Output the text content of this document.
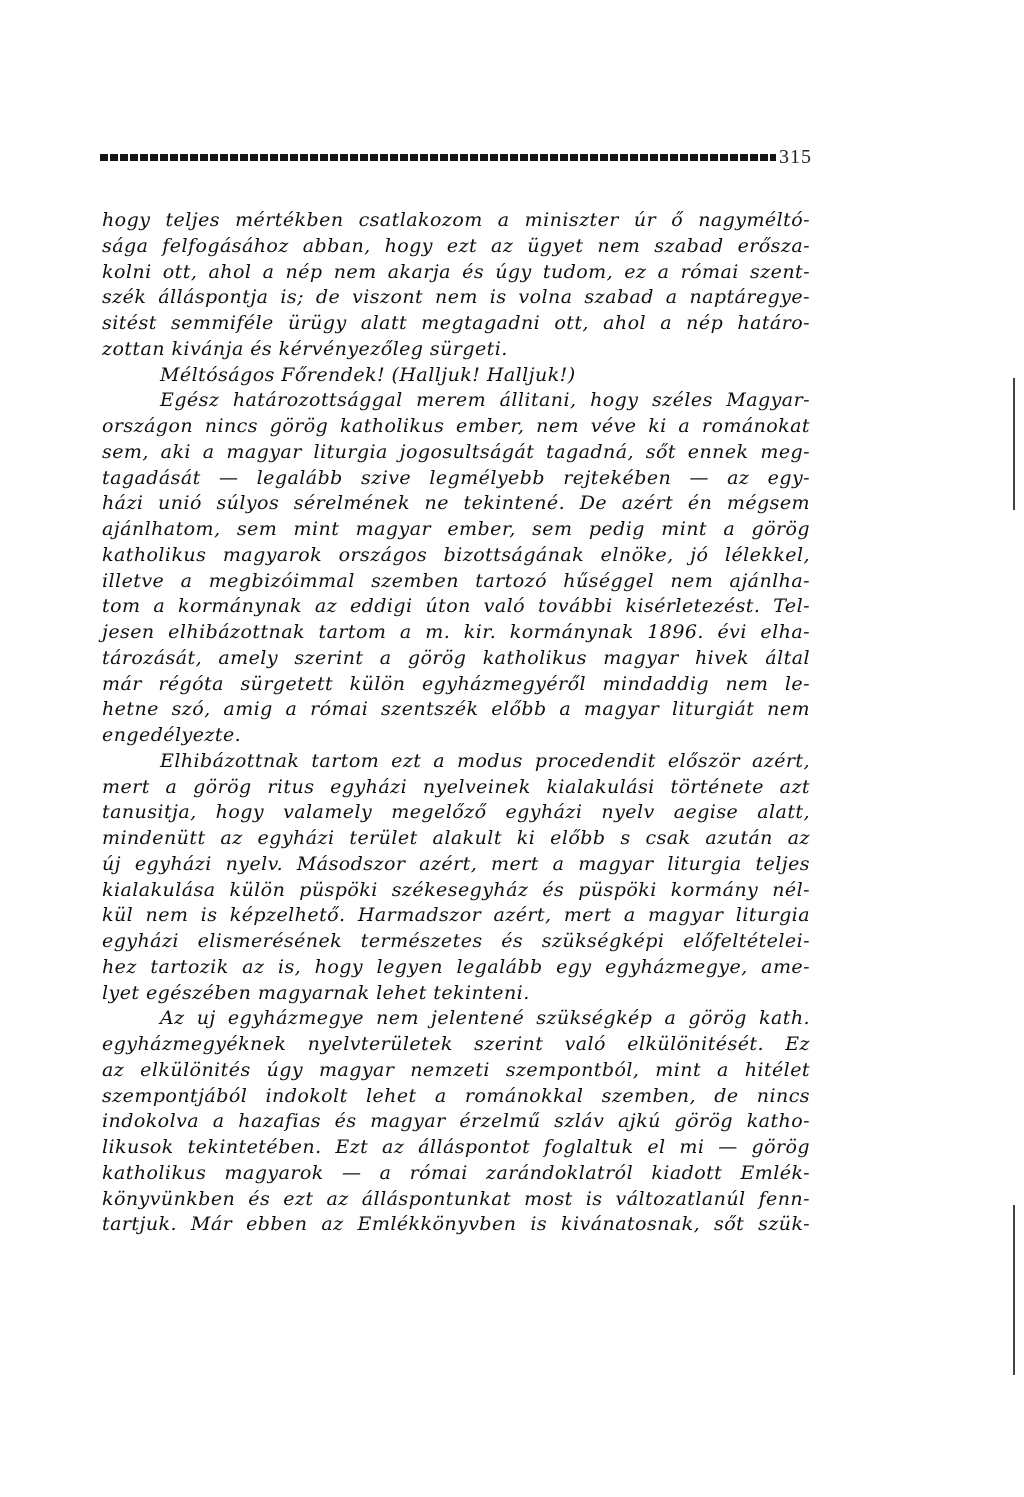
315
hogy teljes mértékben csatlakozom a miniszter úr ő nagyméltó-
sága felfogásához abban, hogy ezt az ügyet nem szabad erősza-
kolni ott, ahol a nép nem akarja és úgy tudom, ez a római szent-
szék álláspontja is; de viszont nem is volna szabad a naptáregye-
sitést semmiféle ürügy alatt megtagadni ott, ahol a nép határo-
zottan kivánja és kérvényezőleg sürgeti.
Méltóságos Főrendek! (Halljuk! Halljuk!)
Egész határozottsággal merem állitani, hogy széles Magyar-
országon nincs görög katholikus ember, nem véve ki a románokat
sem, aki a magyar liturgia jogosultságát tagadná, sőt ennek meg-
tagadását — legalább szive legmélyebb rejtekében — az egy-
házi unió súlyos sérelmének ne tekintené. De azért én mégsem
ajánlhatom, sem mint magyar ember, sem pedig mint a görög
katholikus magyarok országos bizottságának elnöke, jó lélekkel,
illetve a megbizóimmal szemben tartozó hűséggel nem ajánlha-
tom a kormánynak az eddigi úton való további kisérletezést. Tel-
jesen elhibázottnak tartom a m. kir. kormánynak 1896. évi elha-
tározását, amely szerint a görög katholikus magyar hivek által
már régóta sürgetett külön egyházmegyéről mindaddig nem le-
hetne szó, amig a római szentszék előbb a magyar liturgiát nem
engedélyezte.
Elhibázottnak tartom ezt a modus procedendit először azért,
mert a görög ritus egyházi nyelveinek kialakulási története azt
tanusitja, hogy valamely megelőző egyházi nyelv aegise alatt,
mindenütt az egyházi terület alakult ki előbb s csak azután az
új egyházi nyelv. Másodszor azért, mert a magyar liturgia teljes
kialakulása külön püspöki székesegyház és püspöki kormány nél-
kül nem is képzelhető. Harmadszor azért, mert a magyar liturgia
egyházi elismerésének természetes és szükségképi előfeltételei-
hez tartozik az is, hogy legyen legalább egy egyházmegye, ame-
lyet egészében magyarnak lehet tekinteni.
Az uj egyházmegye nem jelentené szükségkép a görög kath.
egyházmegyéknek nyelvterületek szerint való elkülönitését. Ez
az elkülönités úgy magyar nemzeti szempontból, mint a hitélet
szempontjából indokolt lehet a románokkal szemben, de nincs
indokolva a hazafias és magyar érzelmű szláv ajkú görög katho-
likusok tekintetében. Ezt az álláspontot foglaltuk el mi — görög
katholikus magyarok — a római zarándoklatról kiadott Emlék-
könyvünkben és ezt az álláspontunkat most is változatlanúl fenn-
tartjuk. Már ebben az Emlékkönyvben is kivánatosnak, sőt szük-
